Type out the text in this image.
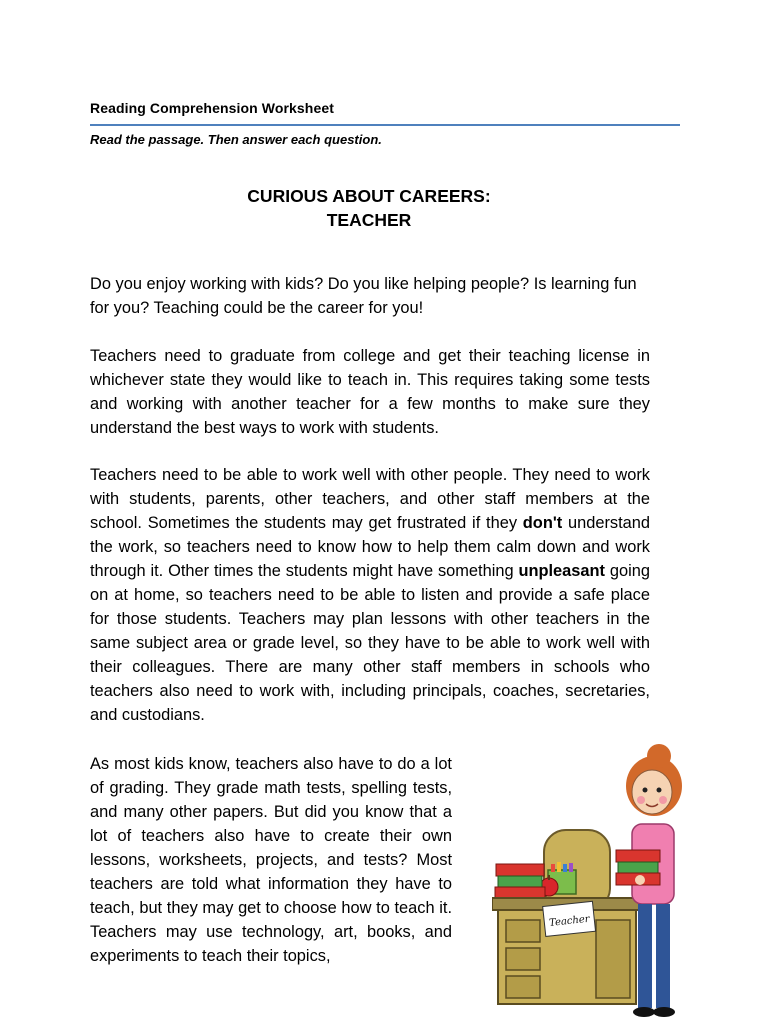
Reading Comprehension Worksheet
Read the passage. Then answer each question.
CURIOUS ABOUT CAREERS:
TEACHER

Do you enjoy working with kids? Do you like helping people? Is learning fun for you? Teaching could be the career for you!

Teachers need to graduate from college and get their teaching license in whichever state they would like to teach in. This requires taking some tests and working with another teacher for a few months to make sure they understand the best ways to work with students.

Teachers need to be able to work well with other people. They need to work with students, parents, other teachers, and other staff members at the school. Sometimes the students may get frustrated if they don't understand the work, so teachers need to know how to help them calm down and work through it. Other times the students might have something unpleasant going on at home, so teachers need to be able to listen and provide a safe place for those students. Teachers may plan lessons with other teachers in the same subject area or grade level, so they have to be able to work well with their colleagues. There are many other staff members in schools who teachers also need to work with, including principals, coaches, secretaries, and custodians.

As most kids know, teachers also have to do a lot of grading. They grade math tests, spelling tests, and many other papers. But did you know that a lot of teachers also have to create their own lessons, worksheets, projects, and tests? Most teachers are told what information they have to teach, but they may get to choose how to teach it. Teachers may use technology, art, books, and experiments to teach their topics,

Teacher
